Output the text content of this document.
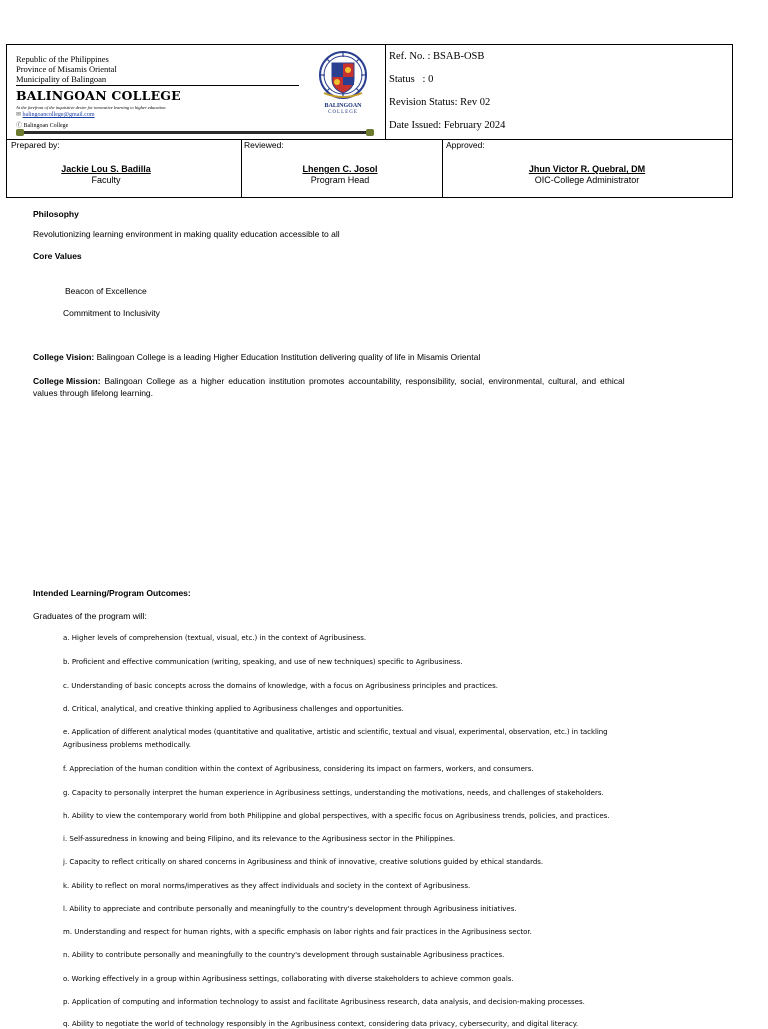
Republic of the Philippines
Province of Misamis Oriental
Municipality of Balingoan
BALINGOAN COLLEGE
At the forefront of the inquisitive desire for innovative learning to higher education
✉ balingoancollege@gmail.com
ⓕ Balingoan College
BALINGOAN
COLLEGE
Ref. No. : BSAB-OSB
Status   : 0
Revision Status: Rev 02
Date Issued: February 2024
Prepared by:	Reviewed:	Approved:
Jackie Lou S. Badilla
Faculty
Lhengen C. Josol
Program Head
Jhun Victor R. Quebral, DM
OIC-College Administrator
Philosophy
Revolutionizing learning environment in making quality education accessible to all
Core Values
Beacon of Excellence
Commitment to Inclusivity
College Vision: Balingoan College is a leading Higher Education Institution delivering quality of life in Misamis Oriental
College Mission: Balingoan College as a higher education institution promotes accountability, responsibility, social, environmental, cultural, and ethical
values through lifelong learning.
Intended Learning/Program Outcomes:
Graduates of the program will:
a. Higher levels of comprehension (textual, visual, etc.) in the context of Agribusiness.
b. Proficient and effective communication (writing, speaking, and use of new techniques) specific to Agribusiness.
c. Understanding of basic concepts across the domains of knowledge, with a focus on Agribusiness principles and practices.
d. Critical, analytical, and creative thinking applied to Agribusiness challenges and opportunities.
e. Application of different analytical modes (quantitative and qualitative, artistic and scientific, textual and visual, experimental, observation, etc.) in tackling
Agribusiness problems methodically.
f. Appreciation of the human condition within the context of Agribusiness, considering its impact on farmers, workers, and consumers.
g. Capacity to personally interpret the human experience in Agribusiness settings, understanding the motivations, needs, and challenges of stakeholders.
h. Ability to view the contemporary world from both Philippine and global perspectives, with a specific focus on Agribusiness trends, policies, and practices.
i. Self-assuredness in knowing and being Filipino, and its relevance to the Agribusiness sector in the Philippines.
j. Capacity to reflect critically on shared concerns in Agribusiness and think of innovative, creative solutions guided by ethical standards.
k. Ability to reflect on moral norms/imperatives as they affect individuals and society in the context of Agribusiness.
l. Ability to appreciate and contribute personally and meaningfully to the country's development through Agribusiness initiatives.
m. Understanding and respect for human rights, with a specific emphasis on labor rights and fair practices in the Agribusiness sector.
n. Ability to contribute personally and meaningfully to the country's development through sustainable Agribusiness practices.
o. Working effectively in a group within Agribusiness settings, collaborating with diverse stakeholders to achieve common goals.
p. Application of computing and information technology to assist and facilitate Agribusiness research, data analysis, and decision-making processes.
q. Ability to negotiate the world of technology responsibly in the Agribusiness context, considering data privacy, cybersecurity, and digital literacy.
